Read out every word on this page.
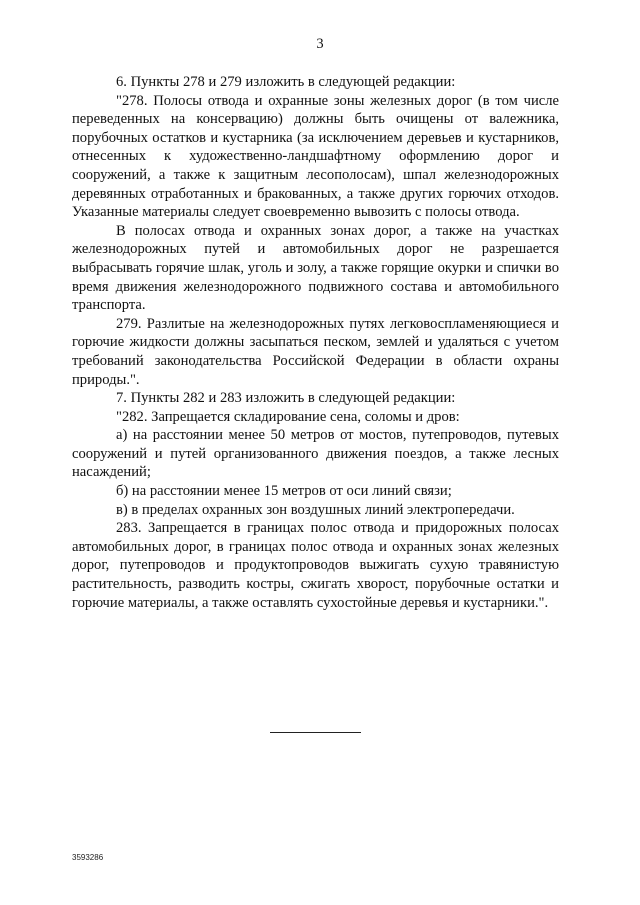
3

6. Пункты 278 и 279 изложить в следующей редакции:

"278. Полосы отвода и охранные зоны железных дорог (в том числе переведенных на консервацию) должны быть очищены от валежника, порубочных остатков и кустарника (за исключением деревьев и кустарников, отнесенных к художественно-ландшафтному оформлению дорог и сооружений, а также к защитным лесополосам), шпал железнодорожных деревянных отработанных и бракованных, а также других горючих отходов. Указанные материалы следует своевременно вывозить с полосы отвода.

В полосах отвода и охранных зонах дорог, а также на участках железнодорожных путей и автомобильных дорог не разрешается выбрасывать горячие шлак, уголь и золу, а также горящие окурки и спички во время движения железнодорожного подвижного состава и автомобильного транспорта.

279. Разлитые на железнодорожных путях легковоспламеняющиеся и горючие жидкости должны засыпаться песком, землей и удаляться с учетом требований законодательства Российской Федерации в области охраны природы.".

7. Пункты 282 и 283 изложить в следующей редакции:

"282. Запрещается складирование сена, соломы и дров:

а) на расстоянии менее 50 метров от мостов, путепроводов, путевых сооружений и путей организованного движения поездов, а также лесных насаждений;

б) на расстоянии менее 15 метров от оси линий связи;

в) в пределах охранных зон воздушных линий электропередачи.

283. Запрещается в границах полос отвода и придорожных полосах автомобильных дорог, в границах полос отвода и охранных зонах железных дорог, путепроводов и продуктопроводов выжигать сухую травянистую растительность, разводить костры, сжигать хворост, порубочные остатки и горючие материалы, а также оставлять сухостойные деревья и кустарники.".

3593286
